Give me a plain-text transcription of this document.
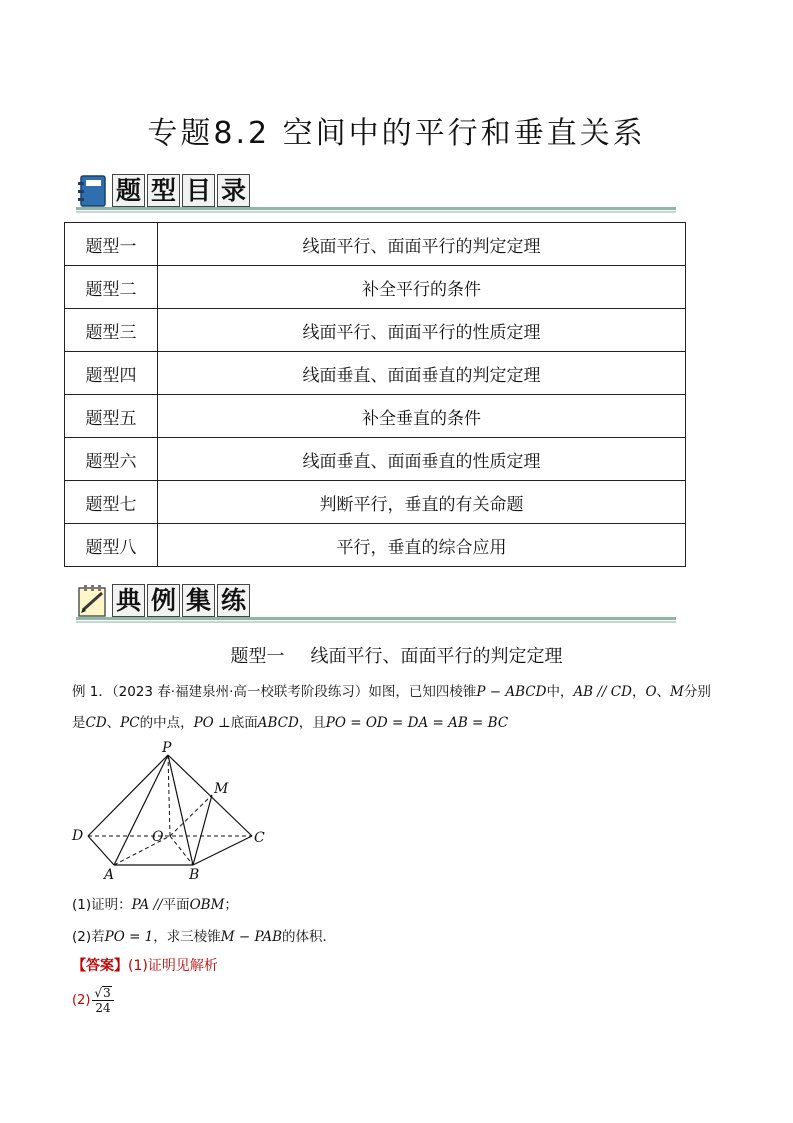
专题8.2 空间中的平行和垂直关系
题 型 目 录
题型一	线面平行、面面平行的判定定理
题型二	补全平行的条件
题型三	线面平行、面面平行的性质定理
题型四	线面垂直、面面垂直的判定定理
题型五	补全垂直的条件
题型六	线面垂直、面面垂直的性质定理
题型七	判断平行，垂直的有关命题
题型八	平行，垂直的综合应用
典 例 集 练
题型一 线面平行、面面平行的判定定理
例 1．（2023 春·福建泉州·高一校联考阶段练习）如图，已知四棱锥P − ABCD中，AB // CD，O、M分别
是CD、PC的中点，PO ⊥底面ABCD，且PO = OD = DA = AB = BC
P
M
D	O	C
A	B
(1)证明：PA //平面OBM；
(2)若PO = 1，求三棱锥M − PAB的体积．
【答案】(1)证明见解析
$(2) \frac{√ 3}{24}$
